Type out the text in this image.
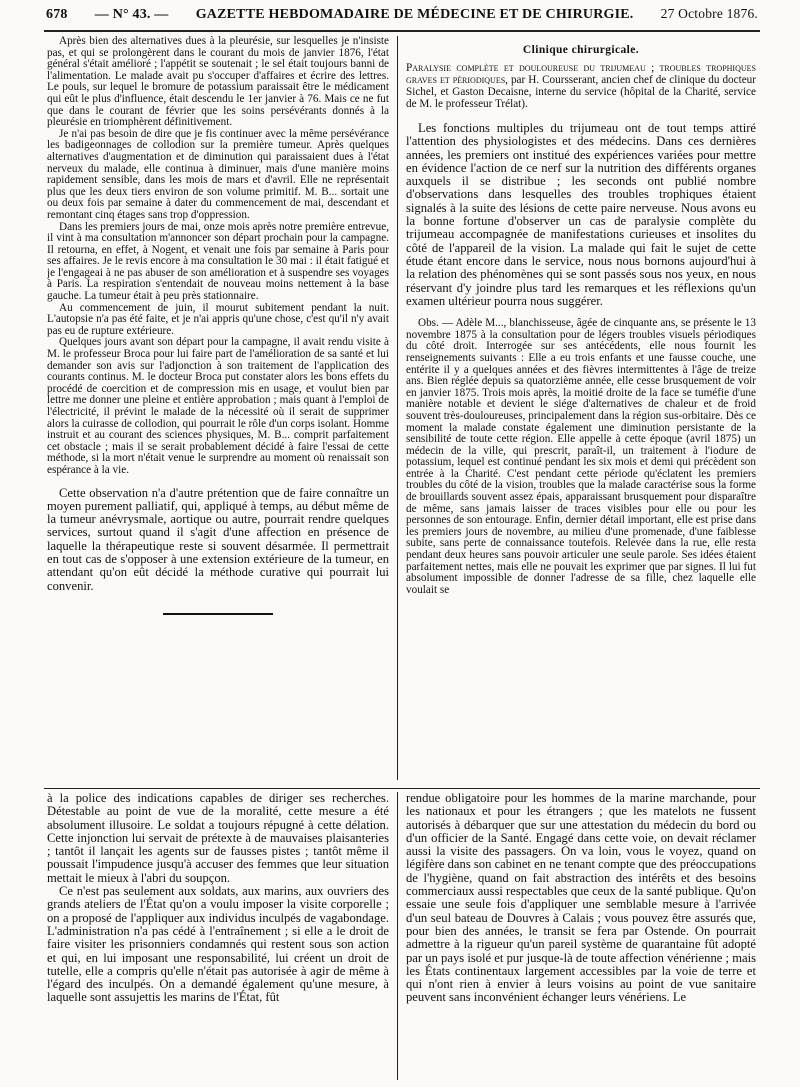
678 — N° 43. — GAZETTE HEBDOMADAIRE DE MÉDECINE ET DE CHIRURGIE. 27 Octobre 1876.

Après bien des alternatives dues à la pleurésie, sur lesquelles je n'insiste pas, et qui se prolongèrent dans le courant du mois de janvier 1876, l'état général s'était amélioré ; l'appétit se soutenait ; le sel était toujours banni de l'alimentation. Le malade avait pu s'occuper d'affaires et écrire des lettres. Le pouls, sur lequel le bromure de potassium paraissait être le médicament qui eût le plus d'influence, était descendu le 1er janvier à 76. Mais ce ne fut que dans le courant de février que les soins persévérants donnés à la pleurésie en triomphèrent définitivement.

Je n'ai pas besoin de dire que je fis continuer avec la même persévérance les badigeonnages de collodion sur la première tumeur. Après quelques alternatives d'augmentation et de diminution qui paraissaient dues à l'état nerveux du malade, elle continua à diminuer, mais d'une manière moins rapidement sensible, dans les mois de mars et d'avril. Elle ne représentait plus que les deux tiers environ de son volume primitif. M. B... sortait une ou deux fois par semaine à dater du commencement de mai, descendant et remontant cinq étages sans trop d'oppression.

Dans les premiers jours de mai, onze mois après notre première entrevue, il vint à ma consultation m'annoncer son départ prochain pour la campagne. Il retourna, en effet, à Nogent, et venait une fois par semaine à Paris pour ses affaires. Je le revis encore à ma consultation le 30 mai : il était fatigué et je l'engageai à ne pas abuser de son amélioration et à suspendre ses voyages à Paris. La respiration s'entendait de nouveau moins nettement à la base gauche. La tumeur était à peu près stationnaire.

Au commencement de juin, il mourut subitement pendant la nuit. L'autopsie n'a pas été faite, et je n'ai appris qu'une chose, c'est qu'il n'y avait pas eu de rupture extérieure.

Quelques jours avant son départ pour la campagne, il avait rendu visite à M. le professeur Broca pour lui faire part de l'amélioration de sa santé et lui demander son avis sur l'adjonction à son traitement de l'application des courants continus. M. le docteur Broca put constater alors les bons effets du procédé de coercition et de compression mis en usage, et voulut bien par lettre me donner une pleine et entière approbation ; mais quant à l'emploi de l'électricité, il prévint le malade de la nécessité où il serait de supprimer alors la cuirasse de collodion, qui pourrait le rôle d'un corps isolant. Homme instruit et au courant des sciences physiques, M. B... comprit parfaitement cet obstacle ; mais il se serait probablement décidé à faire l'essai de cette méthode, si la mort n'était venue le surprendre au moment où renaissait son espérance à la vie.

Cette observation n'a d'autre prétention que de faire connaître un moyen purement palliatif, qui, appliqué à temps, au début même de la tumeur anévrysmale, aortique ou autre, pourrait rendre quelques services, surtout quand il s'agit d'une affection en présence de laquelle la thérapeutique reste si souvent désarmée. Il permettrait en tout cas de s'opposer à une extension extérieure de la tumeur, en attendant qu'on eût décidé la méthode curative qui pourrait lui convenir.

Clinique chirurgicale.
Paralysie complète et douloureuse du trijumeau ; troubles trophiques graves et périodiques, par H. Coursserant, ancien chef de clinique du docteur Sichel, et Gaston Decaisne, interne du service (hôpital de la Charité, service de M. le professeur Trélat).

Les fonctions multiples du trijumeau ont de tout temps attiré l'attention des physiologistes et des médecins. Dans ces dernières années, les premiers ont institué des expériences variées pour mettre en évidence l'action de ce nerf sur la nutrition des différents organes auxquels il se distribue ; les seconds ont publié nombre d'observations dans lesquelles des troubles trophiques étaient signalés à la suite des lésions de cette paire nerveuse. Nous avons eu la bonne fortune d'observer un cas de paralysie complète du trijumeau accompagnée de manifestations curieuses et insolites du côté de l'appareil de la vision. La malade qui fait le sujet de cette étude étant encore dans le service, nous nous bornons aujourd'hui à la relation des phénomènes qui se sont passés sous nos yeux, en nous réservant d'y joindre plus tard les remarques et les réflexions qu'un examen ultérieur pourra nous suggérer.

Obs. — Adèle M..., blanchisseuse, âgée de cinquante ans, se présente le 13 novembre 1875 à la consultation pour de légers troubles visuels périodiques du côté droit. Interrogée sur ses antécédents, elle nous fournit les renseignements suivants : Elle a eu trois enfants et une fausse couche, une entérite il y a quelques années et des fièvres intermittentes à l'âge de treize ans. Bien réglée depuis sa quatorzième année, elle cesse brusquement de voir en janvier 1875. Trois mois après, la moitié droite de la face se tuméfie d'une manière notable et devient le siége d'alternatives de chaleur et de froid souvent très-douloureuses, principalement dans la région sus-orbitaire. Dès ce moment la malade constate également une diminution persistante de la sensibilité de toute cette région. Elle appelle à cette époque (avril 1875) un médecin de la ville, qui prescrit, paraît-il, un traitement à l'iodure de potassium, lequel est continué pendant les six mois et demi qui précèdent son entrée à la Charité. C'est pendant cette période qu'éclatent les premiers troubles du côté de la vision, troubles que la malade caractérise sous la forme de brouillards souvent assez épais, apparaissant brusquement pour disparaître de même, sans jamais laisser de traces visibles pour elle ou pour les personnes de son entourage. Enfin, dernier détail important, elle est prise dans les premiers jours de novembre, au milieu d'une promenade, d'une faiblesse subite, sans perte de connaissance toutefois. Relevée dans la rue, elle resta pendant deux heures sans pouvoir articuler une seule parole. Ses idées étaient parfaitement nettes, mais elle ne pouvait les exprimer que par signes. Il lui fut absolument impossible de donner l'adresse de sa fille, chez laquelle elle voulait se

à la police des indications capables de diriger ses recherches. Détestable au point de vue de la moralité, cette mesure a été absolument illusoire. Le soldat a toujours répugné à cette délation. Cette injonction lui servait de prétexte à de mauvaises plaisanteries ; tantôt il lançait les agents sur de fausses pistes ; tantôt même il poussait l'impudence jusqu'à accuser des femmes que leur situation mettait le mieux à l'abri du soupçon.

Ce n'est pas seulement aux soldats, aux marins, aux ouvriers des grands ateliers de l'État qu'on a voulu imposer la visite corporelle ; on a proposé de l'appliquer aux individus inculpés de vagabondage. L'administration n'a pas cédé à l'entraînement ; si elle a le droit de faire visiter les prisonniers condamnés qui restent sous son action et qui, en lui imposant une responsabilité, lui créent un droit de tutelle, elle a compris qu'elle n'était pas autorisée à agir de même à l'égard des inculpés. On a demandé également qu'une mesure, à laquelle sont assujettis les marins de l'État, fût

rendue obligatoire pour les hommes de la marine marchande, pour les nationaux et pour les étrangers ; que les matelots ne fussent autorisés à débarquer que sur une attestation du médecin du bord ou d'un officier de la Santé. Engagé dans cette voie, on devait réclamer aussi la visite des passagers. On va loin, vous le voyez, quand on légifère dans son cabinet en ne tenant compte que des préoccupations de l'hygiène, quand on fait abstraction des intérêts et des besoins commerciaux aussi respectables que ceux de la santé publique. Qu'on essaie une seule fois d'appliquer une semblable mesure à l'arrivée d'un seul bateau de Douvres à Calais ; vous pouvez être assurés que, pour bien des années, le transit se fera par Ostende. On pourrait admettre à la rigueur qu'un pareil système de quarantaine fût adopté par un pays isolé et pur jusque-là de toute affection vénérienne ; mais les États continentaux largement accessibles par la voie de terre et qui n'ont rien à envier à leurs voisins au point de vue sanitaire peuvent sans inconvénient échanger leurs vénériens. Le
